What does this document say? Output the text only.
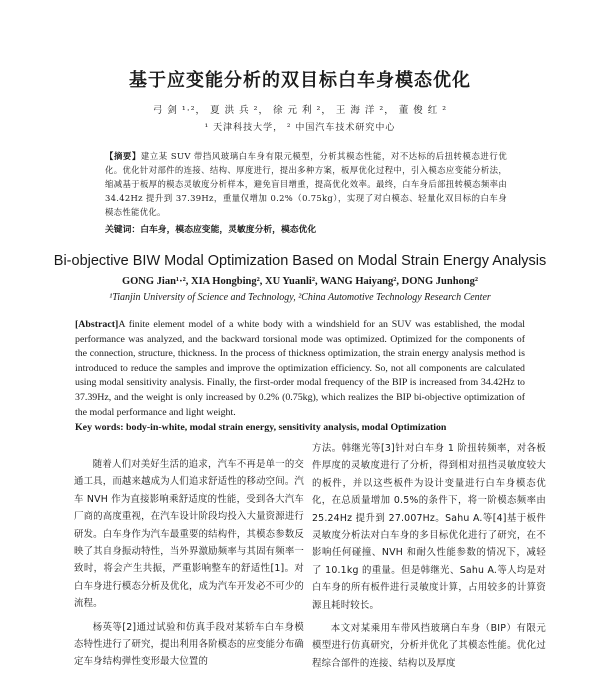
基于应变能分析的双目标白车身模态优化
弓 剑 ¹·²， 夏 洪 兵 ²， 徐 元 利 ²， 王 海 洋 ²， 董 俊 红 ²
¹ 天津科技大学， ² 中国汽车技术研究中心
【摘要】建立某 SUV 带挡风玻璃白车身有限元模型，分析其模态性能，对不达标的后扭转模态进行优化。优化针对部件的连接、结构、厚度进行，提出多种方案，板厚优化过程中，引入模态应变能分析法，缩减基于板厚的模态灵敏度分析样本，避免盲目增重，提高优化效率。最终，白车身后部扭转模态频率由 34.42Hz 提升到 37.39Hz，重量仅增加 0.2%（0.75kg），实现了对白模态、轻量化双目标的白车身模态性能优化。
关键词：白车身，模态应变能，灵敏度分析，模态优化
Bi-objective BIW Modal Optimization Based on Modal Strain Energy Analysis
GONG Jian¹·², XIA Hongbing², XU Yuanli², WANG Haiyang², DONG Junhong²
¹Tianjin University of Science and Technology, ²China Automotive Technology Research Center
[Abstract]A finite element model of a white body with a windshield for an SUV was established, the modal performance was analyzed, and the backward torsional mode was optimized. Optimized for the components of the connection, structure, thickness. In the process of thickness optimization, the strain energy analysis method is introduced to reduce the samples and improve the optimization efficiency. So, not all components are calculated using modal sensitivity analysis. Finally, the first-order modal frequency of the BIP is increased from 34.42Hz to 37.39Hz, and the weight is only increased by 0.2% (0.75kg), which realizes the BIP bi-objective optimization of the modal performance and light weight.
Key words: body-in-white, modal strain energy, sensitivity analysis, modal Optimization

随着人们对美好生活的追求，汽车不再是单一的交通工具，而越来越成为人们追求舒适性的移动空间。汽车 NVH 作为直接影响乘舒适度的性能，受到各大汽车厂商的高度重视，在汽车设计阶段均投入大量资源进行研发。白车身作为汽车最重要的结构件，其模态参数反映了其自身振动特性，当外界激励频率与其固有频率一致时，将会产生共振，严重影响整车的舒适性[1]。对白车身进行模态分析及优化，成为汽车开发必不可少的流程。

杨英等[2]通过试验和仿真手段对某轿车白车身模态特性进行了研究，提出利用各阶模态的应变能分布确定车身结构弹性变形最大位置的

方法。韩继光等[3]针对白车身 1 阶扭转频率，对各板件厚度的灵敏度进行了分析，得到相对扭挡灵敏度较大的板件，并以这些板件为设计变量进行白车身模态优化，在总质量增加 0.5%的条件下，将一阶模态频率由 25.24Hz 提升到 27.007Hz。Sahu A.等[4]基于板件灵敏度分析法对白车身的多目标优化进行了研究，在不影响任何碰撞、NVH 和耐久性能参数的情况下，减轻了 10.1kg 的重量。但是韩继光、Sahu A.等人均是对白车身的所有板件进行灵敏度计算，占用较多的计算资源且耗时较长。

本文对某乘用车带风挡玻璃白车身（BIP）有限元模型进行仿真研究，分析并优化了其模态性能。优化过程综合部件的连接、结构以及厚度
